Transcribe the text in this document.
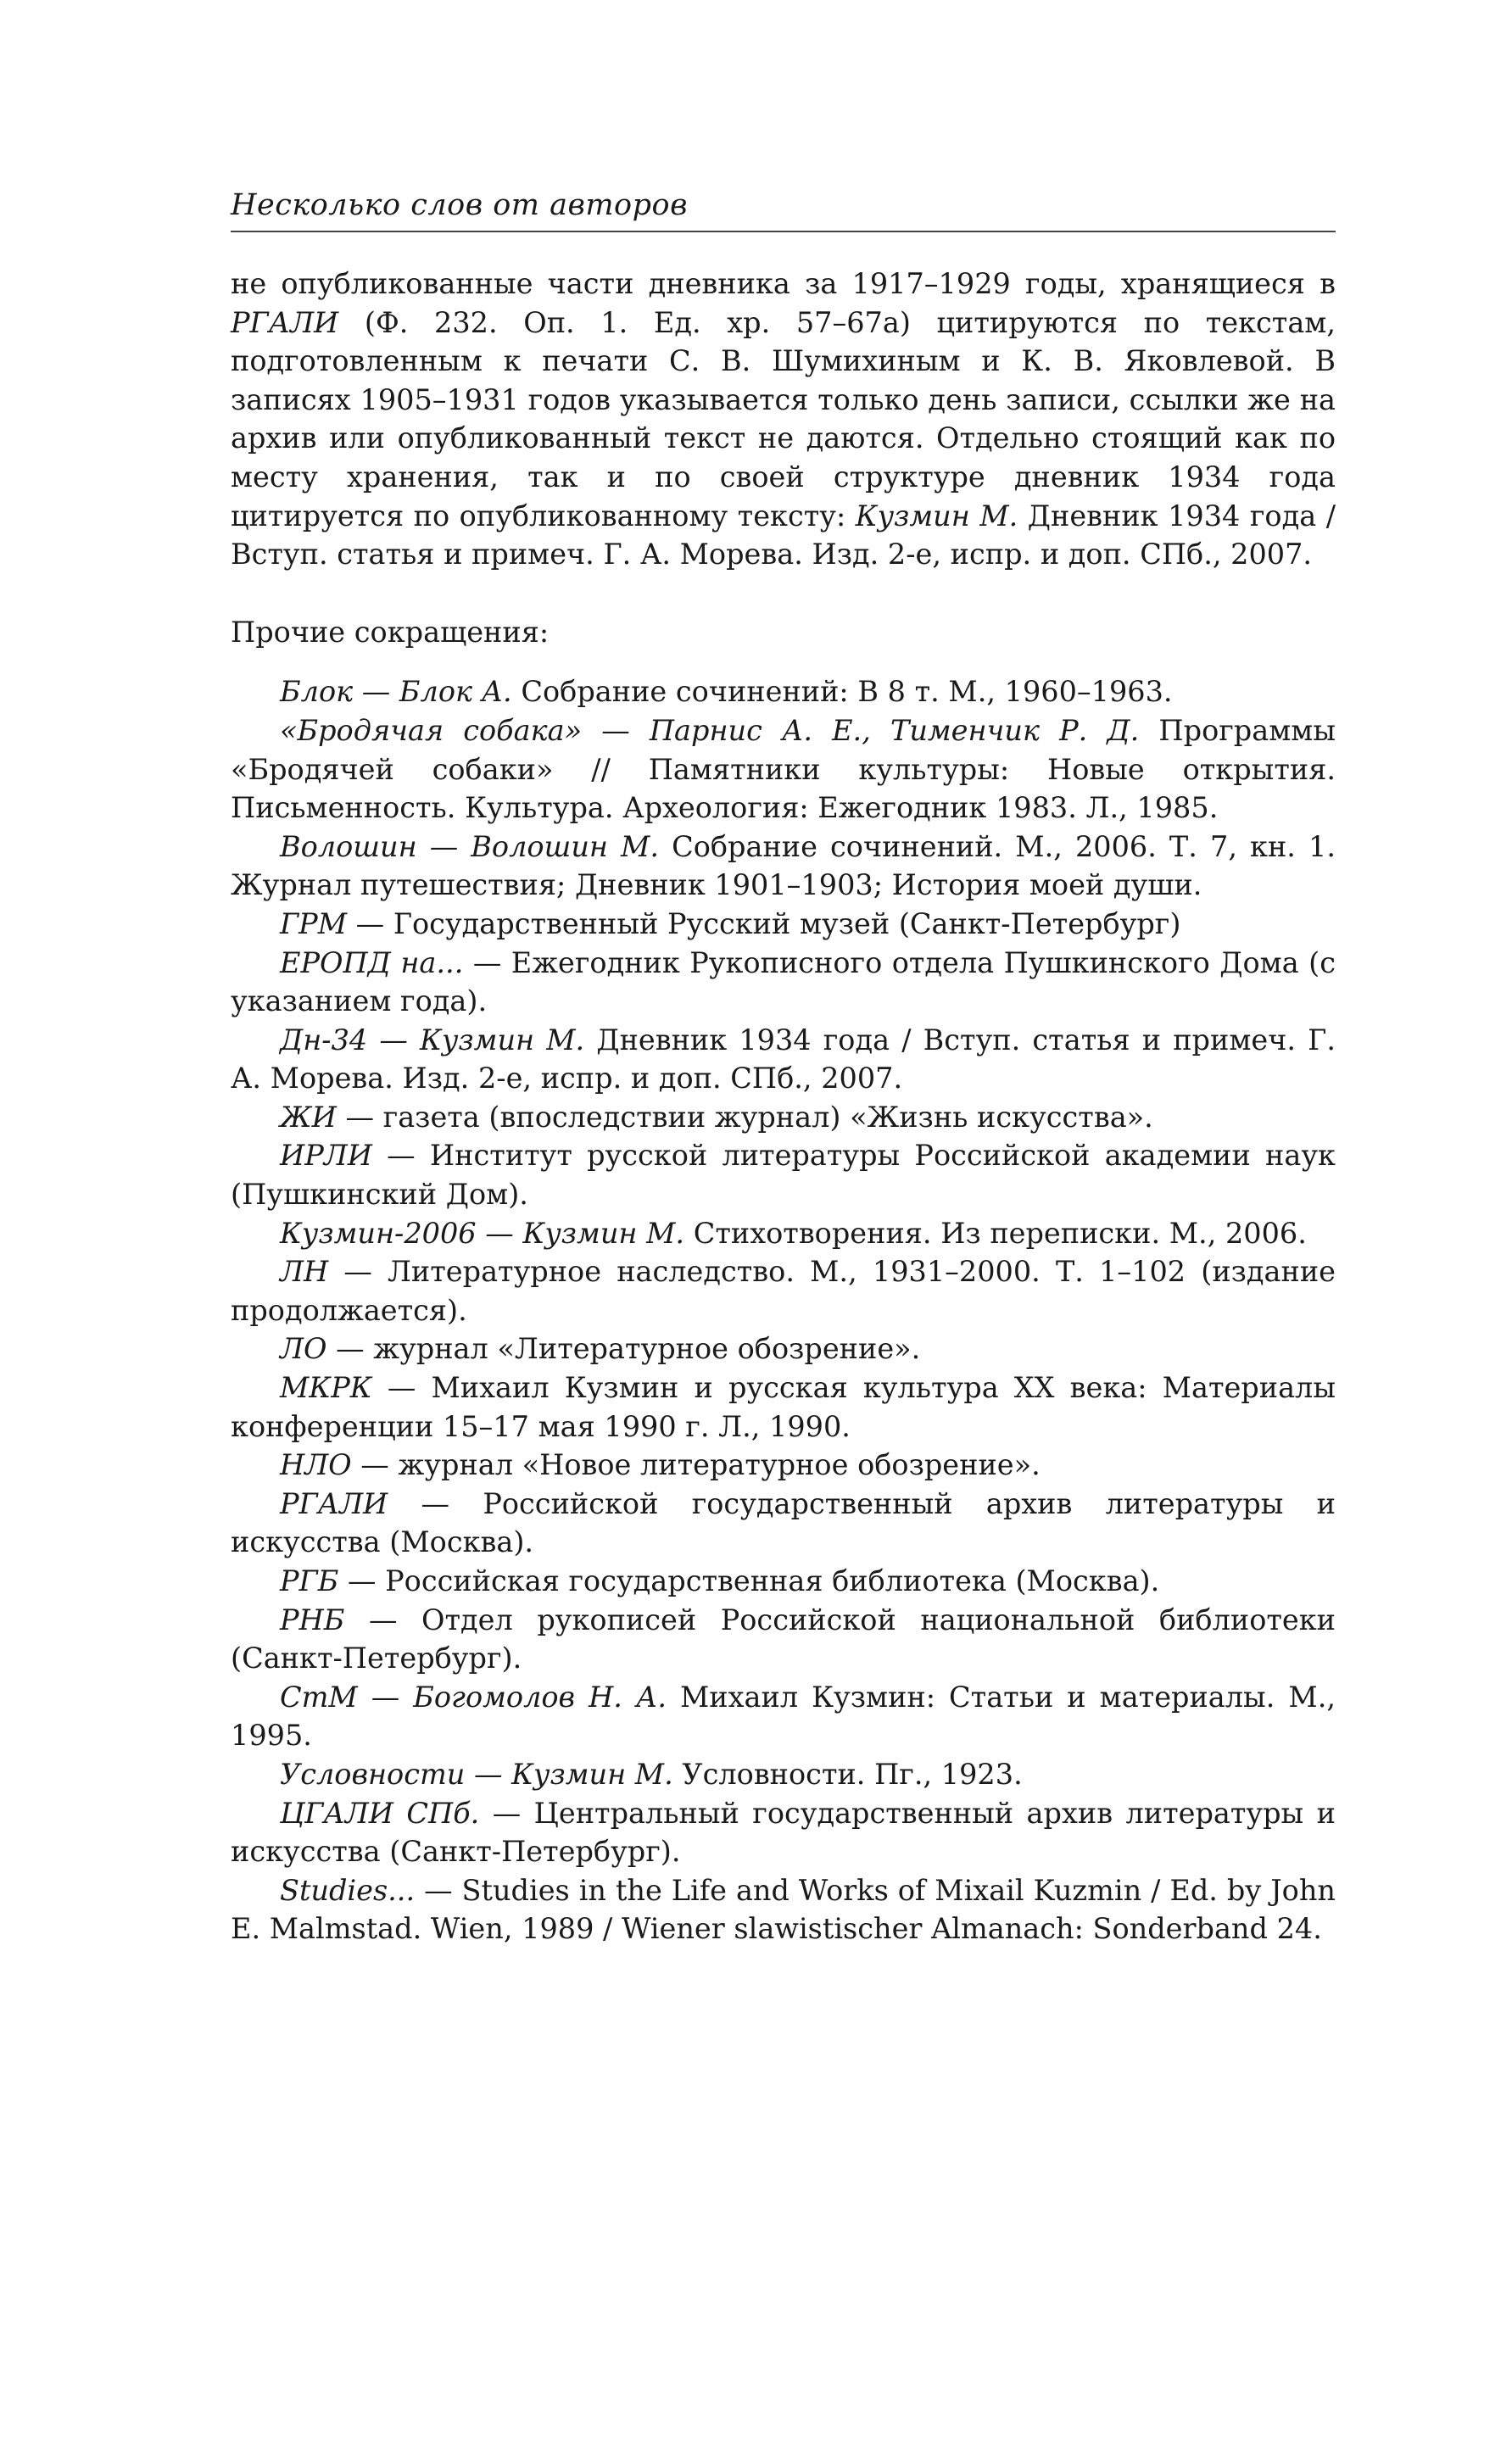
Несколько слов от авторов

не опубликованные части дневника за 1917–1929 годы, хранящиеся в РГАЛИ (Ф. 232. Оп. 1. Ед. хр. 57–67а) цитируются по текстам, подготовленным к печати С. В. Шумихиным и К. В. Яковлевой. В записях 1905–1931 годов указывается только день записи, ссылки же на архив или опубликованный текст не даются. Отдельно стоящий как по месту хранения, так и по своей структуре дневник 1934 года цитируется по опубликованному тексту: Кузмин М. Дневник 1934 года / Вступ. статья и примеч. Г. А. Морева. Изд. 2-е, испр. и доп. СПб., 2007.

Прочие сокращения:

Блок — Блок А. Собрание сочинений: В 8 т. М., 1960–1963.

«Бродячая собака» — Парнис А. Е., Тименчик Р. Д. Программы «Бродячей собаки» // Памятники культуры: Новые открытия. Письменность. Культура. Археология: Ежегодник 1983. Л., 1985.

Волошин — Волошин М. Собрание сочинений. М., 2006. Т. 7, кн. 1. Журнал путешествия; Дневник 1901–1903; История моей души.

ГРМ — Государственный Русский музей (Санкт-Петербург)

ЕРОПД на... — Ежегодник Рукописного отдела Пушкинского Дома (с указанием года).

Дн-34 — Кузмин М. Дневник 1934 года / Вступ. статья и примеч. Г. А. Морева. Изд. 2-е, испр. и доп. СПб., 2007.

ЖИ — газета (впоследствии журнал) «Жизнь искусства».

ИРЛИ — Институт русской литературы Российской академии наук (Пушкинский Дом).

Кузмин-2006 — Кузмин М. Стихотворения. Из переписки. М., 2006.

ЛН — Литературное наследство. М., 1931–2000. Т. 1–102 (издание продолжается).

ЛО — журнал «Литературное обозрение».

МКРК — Михаил Кузмин и русская культура XX века: Материалы конференции 15–17 мая 1990 г. Л., 1990.

НЛО — журнал «Новое литературное обозрение».

РГАЛИ — Российской государственный архив литературы и искусства (Москва).

РГБ — Российская государственная библиотека (Москва).

РНБ — Отдел рукописей Российской национальной библиотеки (Санкт-Петербург).

СтМ — Богомолов Н. А. Михаил Кузмин: Статьи и материалы. М., 1995.

Условности — Кузмин М. Условности. Пг., 1923.

ЦГАЛИ СПб. — Центральный государственный архив литературы и искусства (Санкт-Петербург).

Studies... — Studies in the Life and Works of Mixail Kuzmin / Ed. by John E. Malmstad. Wien, 1989 / Wiener slawistischer Almanach: Sonderband 24.
